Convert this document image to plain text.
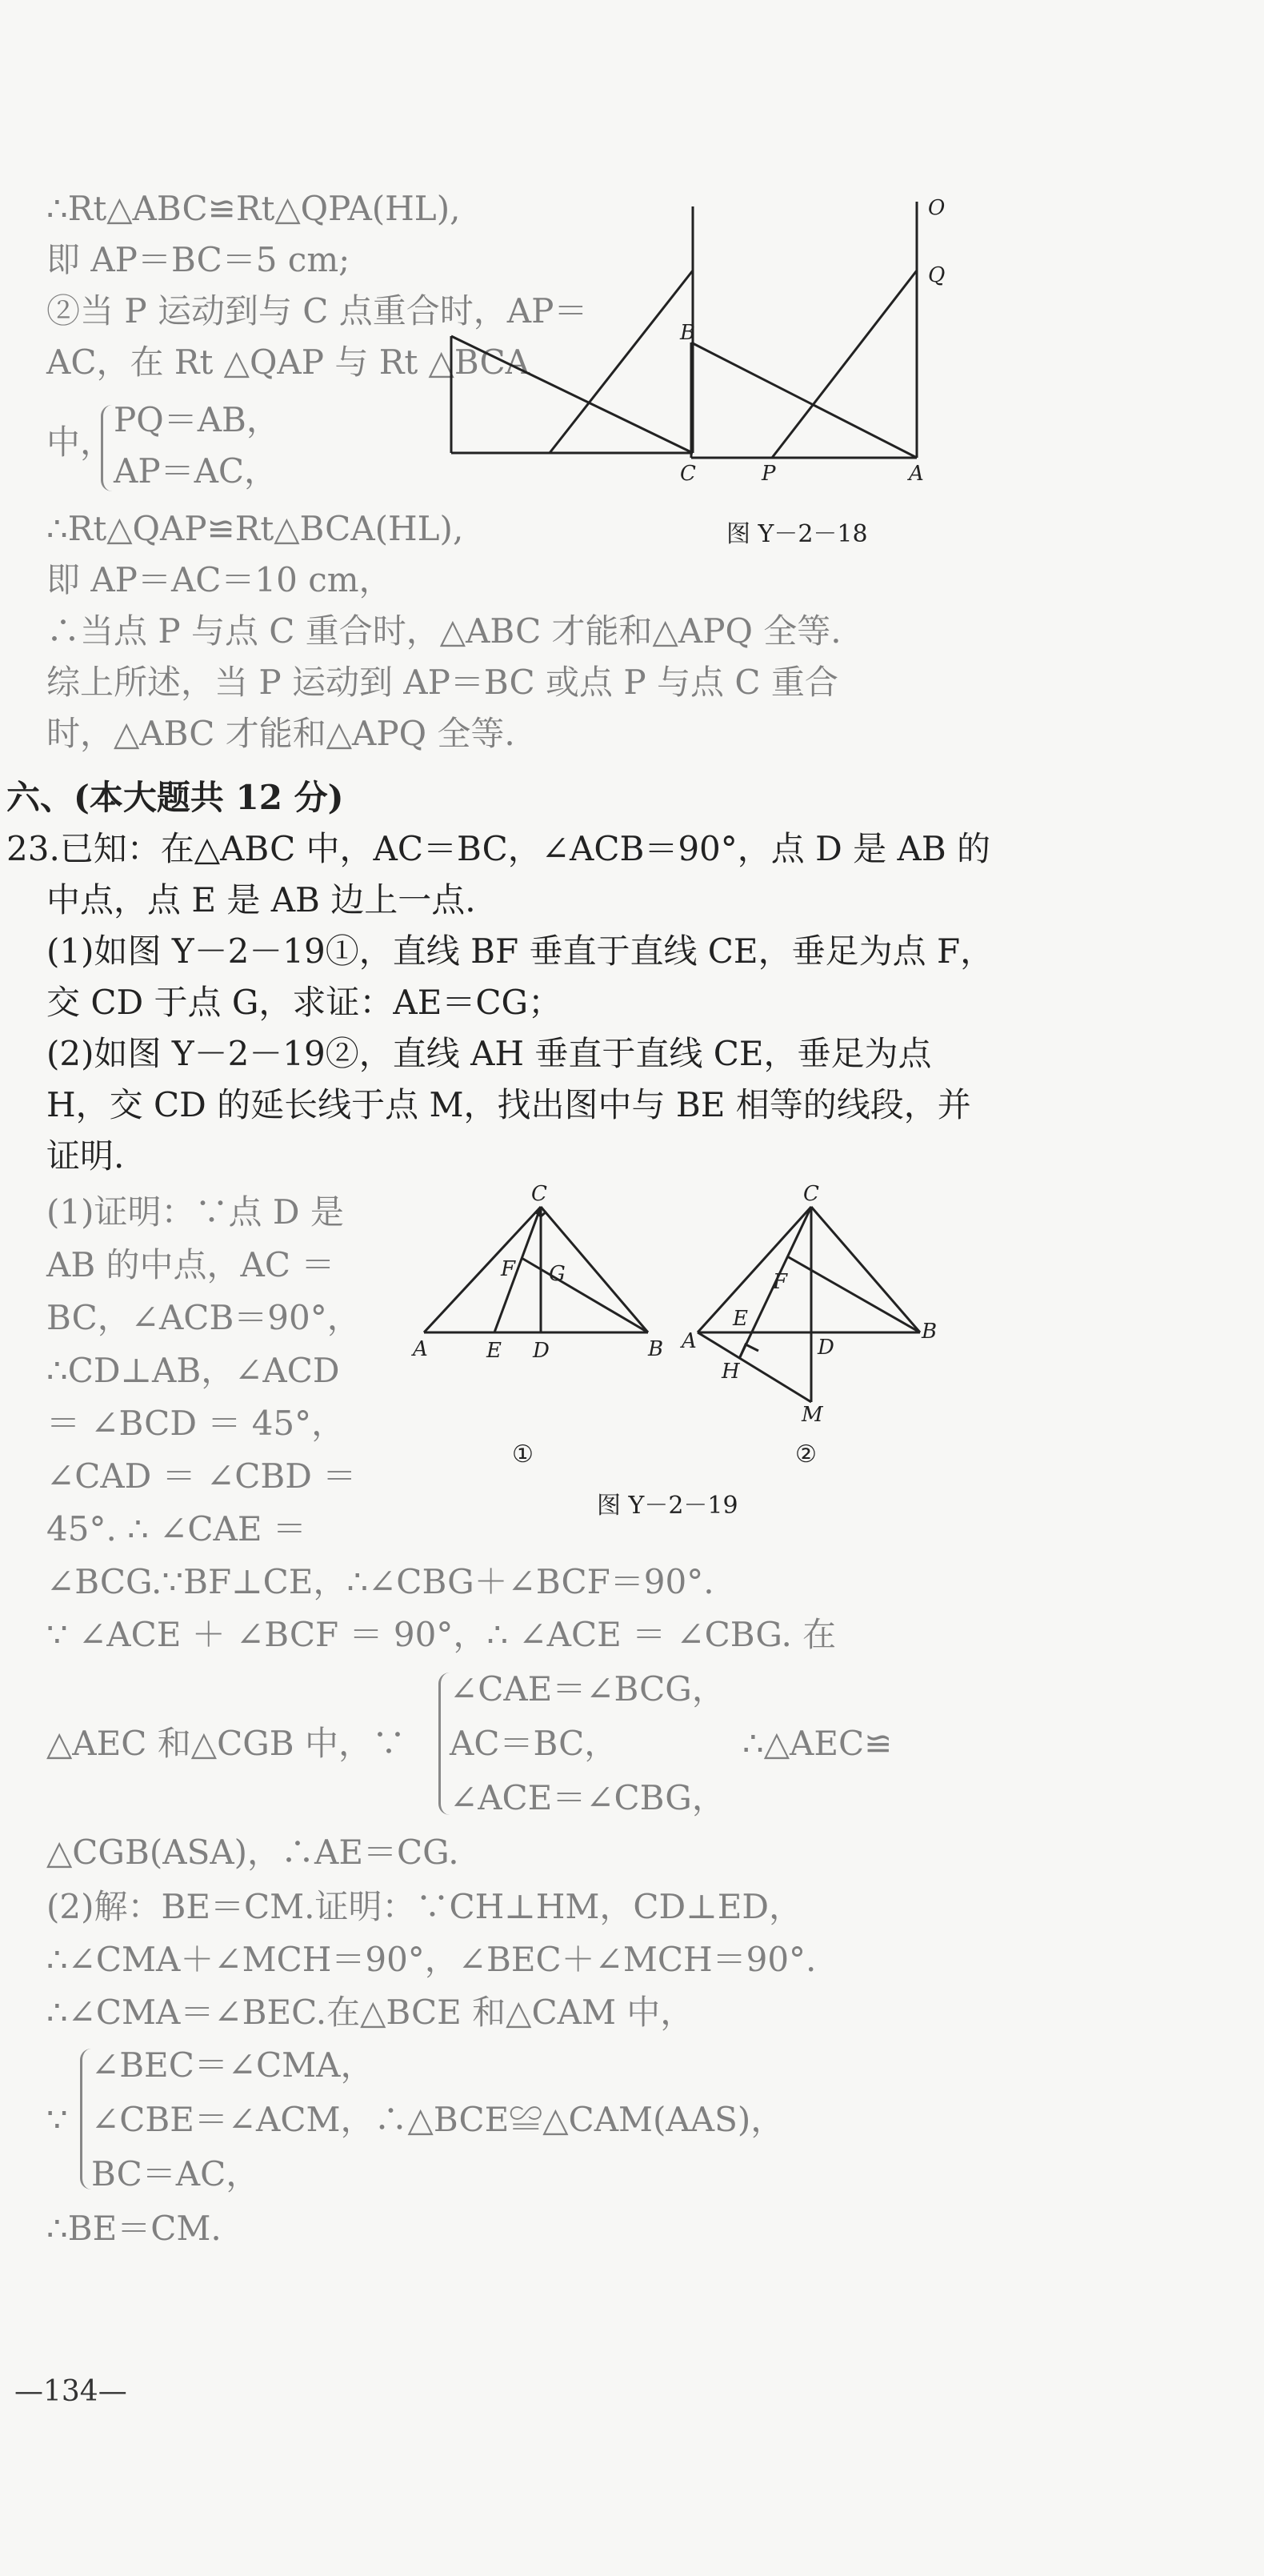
∴Rt△ABC≌Rt△QPA(HL),
即 AP＝BC＝5 cm;
②当 P 运动到与 C 点重合时，AP＝
AC，在 Rt △QAP 与 Rt △BCA
中，
PQ＝AB，
AP＝AC，
∴Rt△QAP≌Rt△BCA(HL),
即 AP＝AC＝10 cm，
∴当点 P 与点 C 重合时，△ABC 才能和△APQ 全等.
综上所述，当 P 运动到 AP＝BC 或点 P 与点 C 重合
时，△ABC 才能和△APQ 全等.
O
Q
B
C	P	A
图 Y－2－18
六、(本大题共 12 分)
23.已知：在△ABC 中，AC＝BC，∠ACB＝90°，点 D 是 AB 的
中点，点 E 是 AB 边上一点.
(1)如图 Y－2－19①，直线 BF 垂直于直线 CE，垂足为点 F，
交 CD 于点 G，求证：AE＝CG；
(2)如图 Y－2－19②，直线 AH 垂直于直线 CE，垂足为点
H，交 CD 的延长线于点 M，找出图中与 BE 相等的线段，并
证明.
(1)证明：∵点 D 是
AB 的中点，AC ＝
BC，∠ACB＝90°，
∴CD⊥AB，∠ACD
＝ ∠BCD ＝ 45°，
∠CAD ＝ ∠CBD ＝
45°. ∴ ∠CAE ＝
C
F G
A	E D	B
C
F
E
A
H
D
B
M
①	②
图 Y－2－19
∠BCG.∵BF⊥CE，∴∠CBG＋∠BCF＝90°.
∵ ∠ACE ＋ ∠BCF ＝ 90°，∴ ∠ACE ＝ ∠CBG. 在
△AEC 和△CGB 中，∵
∠CAE＝∠BCG，
AC＝BC，
∠ACE＝∠CBG，
∴△AEC≌
△CGB(ASA)，∴AE＝CG.
(2)解：BE＝CM.证明：∵CH⊥HM，CD⊥ED，
∴∠CMA＋∠MCH＝90°，∠BEC＋∠MCH＝90°.
∴∠CMA＝∠BEC.在△BCE 和△CAM 中，
∵
∠BEC＝∠CMA，
∠CBE＝∠ACM，∴△BCE≌△CAM(AAS)，
BC＝AC，
∴BE＝CM.
—134—
